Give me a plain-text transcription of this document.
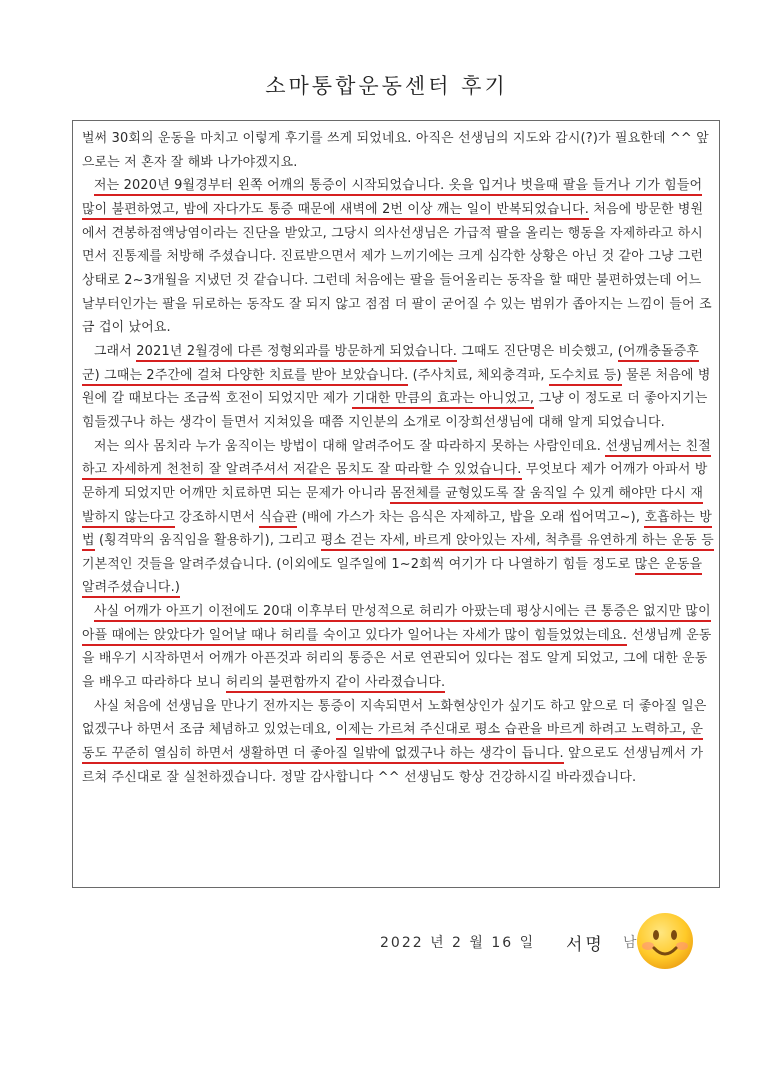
소마통합운동센터 후기

벌써 30회의 운동을 마치고 이렇게 후기를 쓰게 되었네요. 아직은 선생님의 지도와 감시(?)가 필요한데 ^^ 앞으로는 저 혼자 잘 해봐 나가야겠지요.

저는 2020년 9월경부터 왼쪽 어깨의 통증이 시작되었습니다. 옷을 입거나 벗을때 팔을 들거나 기가 힘들어 많이 불편하였고, 밤에 자다가도 통증 때문에 새벽에 2번 이상 깨는 일이 반복되었습니다. 처음에 방문한 병원에서 견봉하점액낭염이라는 진단을 받았고, 그당시 의사선생님은 가급적 팔을 올리는 행동을 자제하라고 하시면서 진통제를 처방해 주셨습니다. 진료받으면서 제가 느끼기에는 크게 심각한 상황은 아닌 것 같아 그냥 그런 상태로 2~3개월을 지냈던 것 같습니다. 그런데 처음에는 팔을 들어올리는 동작을 할 때만 불편하였는데 어느날부터인가는 팔을 뒤로하는 동작도 잘 되지 않고 점점 더 팔이 굳어질 수 있는 범위가 좁아지는 느낌이 들어 조금 겁이 났어요.

그래서 2021년 2월경에 다른 정형외과를 방문하게 되었습니다. 그때도 진단명은 비슷했고, (어깨충돌증후군) 그때는 2주간에 걸쳐 다양한 치료를 받아 보았습니다. (주사치료, 체외충격파, 도수치료 등) 물론 처음에 병원에 갈 때보다는 조금씩 호전이 되었지만 제가 기대한 만큼의 효과는 아니었고, 그냥 이 정도로 더 좋아지기는 힘들겠구나 하는 생각이 들면서 지쳐있을 때쯤 지인분의 소개로 이장희선생님에 대해 알게 되었습니다.

저는 의사 몸치라 누가 움직이는 방법이 대해 알려주어도 잘 따라하지 못하는 사람인데요. 선생님께서는 친절하고 자세하게 천천히 잘 알려주셔서 저같은 몸치도 잘 따라할 수 있었습니다. 무엇보다 제가 어깨가 아파서 방문하게 되었지만 어깨만 치료하면 되는 문제가 아니라 몸전체를 균형있도록 잘 움직일 수 있게 해야만 다시 재발하지 않는다고 강조하시면서 식습관 (배에 가스가 차는 음식은 자제하고, 밥을 오래 씹어먹고~), 호흡하는 방법 (횡격막의 움직임을 활용하기), 그리고 평소 걷는 자세, 바르게 앉아있는 자세, 척추를 유연하게 하는 운동 등 기본적인 것들을 알려주셨습니다. (이외에도 일주일에 1~2회씩 여기가 다 나열하기 힘들 정도로 많은 운동을 알려주셨습니다.)

사실 어깨가 아프기 이전에도 20대 이후부터 만성적으로 허리가 아팠는데 평상시에는 큰 통증은 없지만 많이 아플 때에는 앉았다가 일어날 때나 허리를 숙이고 있다가 일어나는 자세가 많이 힘들었었는데요. 선생님께 운동을 배우기 시작하면서 어깨가 아픈것과 허리의 통증은 서로 연관되어 있다는 점도 알게 되었고, 그에 대한 운동을 배우고 따라하다 보니 허리의 불편함까지 같이 사라졌습니다.

사실 처음에 선생님을 만나기 전까지는 통증이 지속되면서 노화현상인가 싶기도 하고 앞으로 더 좋아질 일은 없겠구나 하면서 조금 체념하고 있었는데요, 이제는 가르쳐 주신대로 평소 습관을 바르게 하려고 노력하고, 운동도 꾸준히 열심히 하면서 생활하면 더 좋아질 일밖에 없겠구나 하는 생각이 듭니다. 앞으로도 선생님께서 가르쳐 주신대로 잘 실천하겠습니다. 정말 감사합니다 ^^ 선생님도 항상 건강하시길 바라겠습니다.

2022 년 2 월 16 일 서명 남
